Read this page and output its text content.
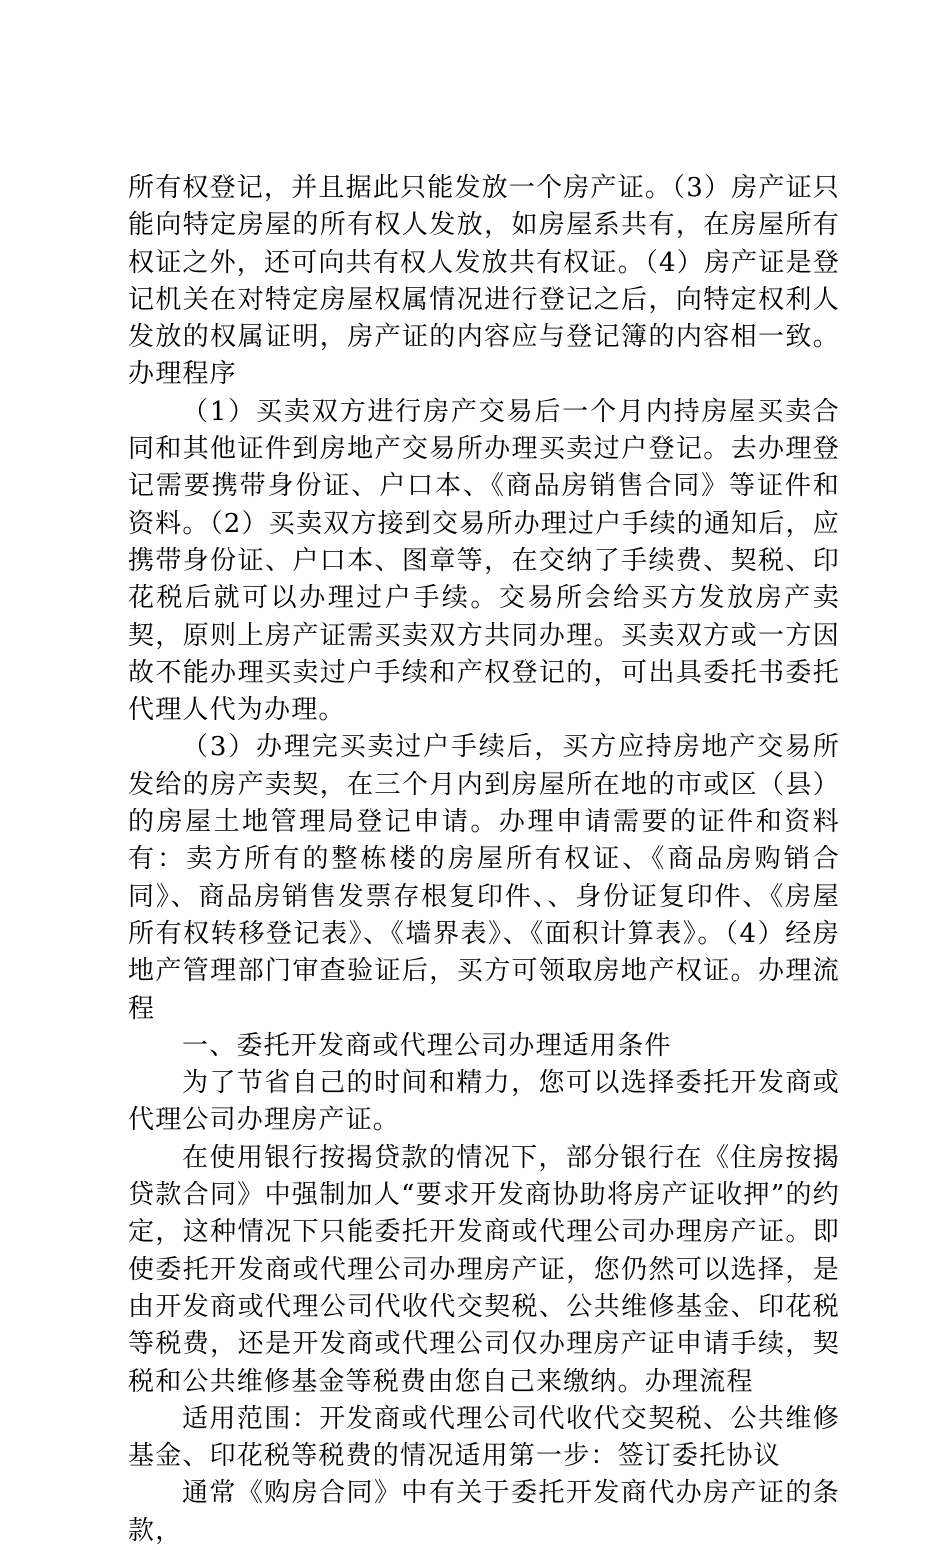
所有权登记，并且据此只能发放一个房产证。（3）房产证只能向特定房屋的所有权人发放，如房屋系共有，在房屋所有权证之外，还可向共有权人发放共有权证。（4）房产证是登记机关在对特定房屋权属情况进行登记之后，向特定权利人发放的权属证明，房产证的内容应与登记簿的内容相一致。办理程序

（1）买卖双方进行房产交易后一个月内持房屋买卖合同和其他证件到房地产交易所办理买卖过户登记。去办理登记需要携带身份证、户口本、《商品房销售合同》等证件和资料。（2）买卖双方接到交易所办理过户手续的通知后，应携带身份证、户口本、图章等，在交纳了手续费、契税、印花税后就可以办理过户手续。交易所会给买方发放房产卖契，原则上房产证需买卖双方共同办理。买卖双方或一方因故不能办理买卖过户手续和产权登记的，可出具委托书委托代理人代为办理。

（3）办理完买卖过户手续后，买方应持房地产交易所发给的房产卖契，在三个月内到房屋所在地的市或区（县）的房屋土地管理局登记申请。办理申请需要的证件和资料有：卖方所有的整栋楼的房屋所有权证、《商品房购销合同》、商品房销售发票存根复印件、、身份证复印件、《房屋所有权转移登记表》、《墙界表》、《面积计算表》。（4）经房地产管理部门审查验证后，买方可领取房地产权证。办理流程

一、委托开发商或代理公司办理适用条件

为了节省自己的时间和精力，您可以选择委托开发商或代理公司办理房产证。

在使用银行按揭贷款的情况下，部分银行在《住房按揭贷款合同》中强制加人“要求开发商协助将房产证收押”的约定，这种情况下只能委托开发商或代理公司办理房产证。即使委托开发商或代理公司办理房产证，您仍然可以选择，是由开发商或代理公司代收代交契税、公共维修基金、印花税等税费，还是开发商或代理公司仅办理房产证申请手续，契税和公共维修基金等税费由您自己来缴纳。办理流程

适用范围：开发商或代理公司代收代交契税、公共维修基金、印花税等税费的情况适用第一步：签订委托协议

通常《购房合同》中有关于委托开发商代办房产证的条款，
